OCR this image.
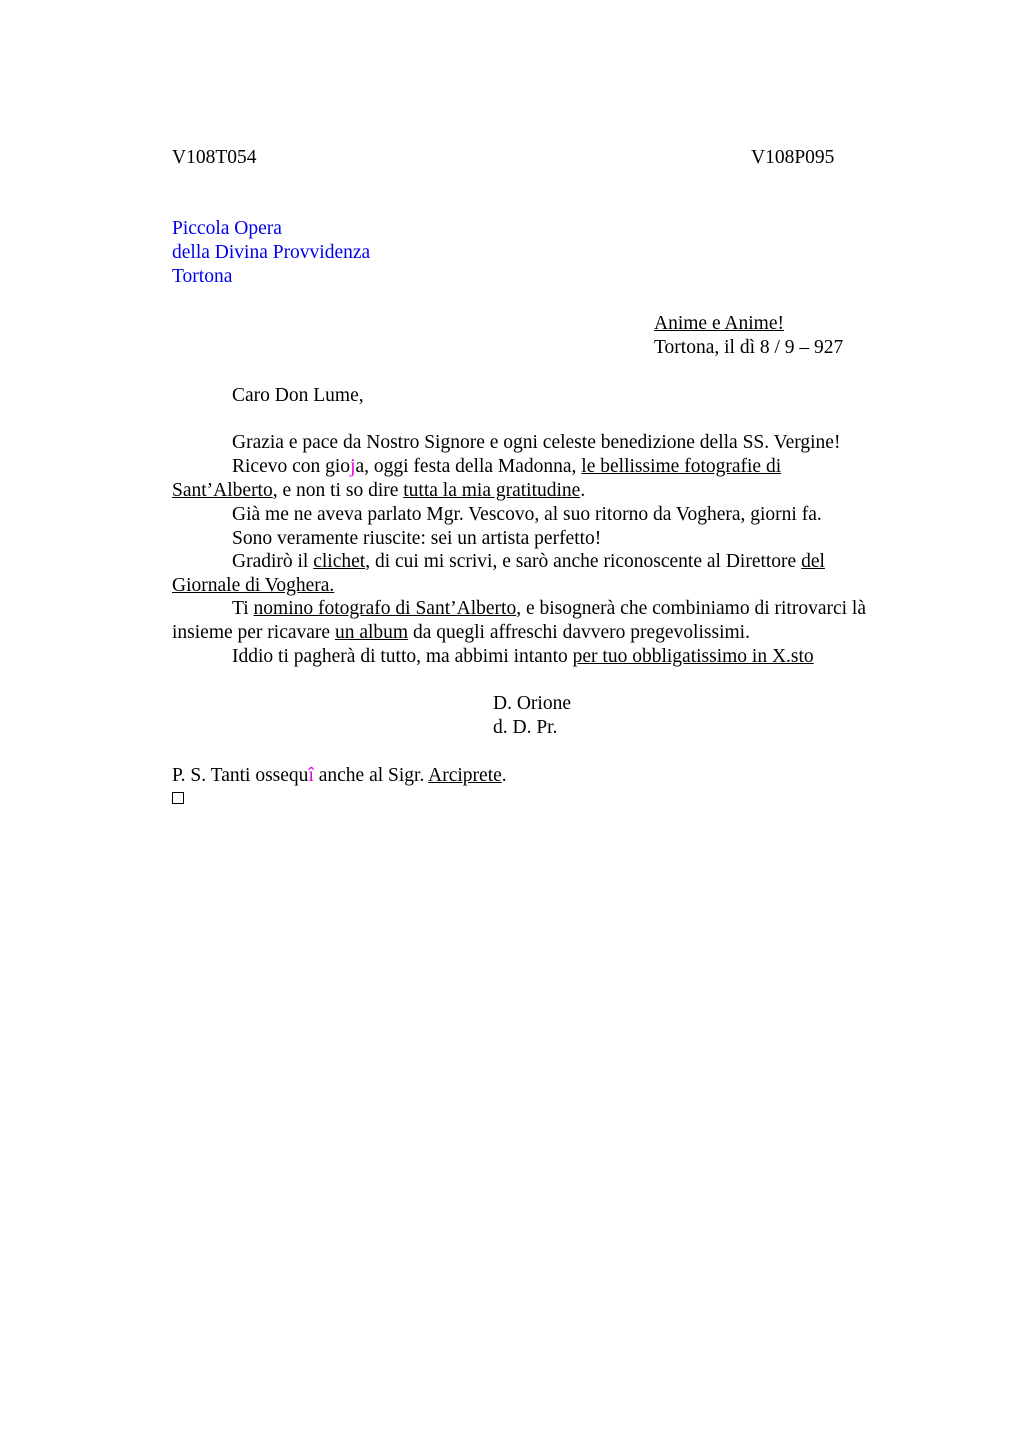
V108T054	V108P095
Piccola Opera
della Divina Provvidenza
Tortona
Anime e Anime!
Tortona, il dì 8 / 9 – 927
Caro Don Lume,
Grazia e pace da Nostro Signore e ogni celeste benedizione della SS. Vergine!
Ricevo con gioja, oggi festa della Madonna, le bellissime fotografie di
Sant’Alberto, e non ti so dire tutta la mia gratitudine.
Già me ne aveva parlato Mgr. Vescovo, al suo ritorno da Voghera, giorni fa.
Sono veramente riuscite: sei un artista perfetto!
Gradirò il clichet, di cui mi scrivi, e sarò anche riconoscente al Direttore del
Giornale di Voghera.
Ti nomino fotografo di Sant’Alberto, e bisognerà che combiniamo di ritrovarci là
insieme per ricavare un album da quegli affreschi davvero pregevolissimi.
Iddio ti pagherà di tutto, ma abbimi intanto per tuo obbligatissimo in X.sto
D. Orione
d. D. Pr.
P. S. Tanti ossequî anche al Sigr. Arciprete.
